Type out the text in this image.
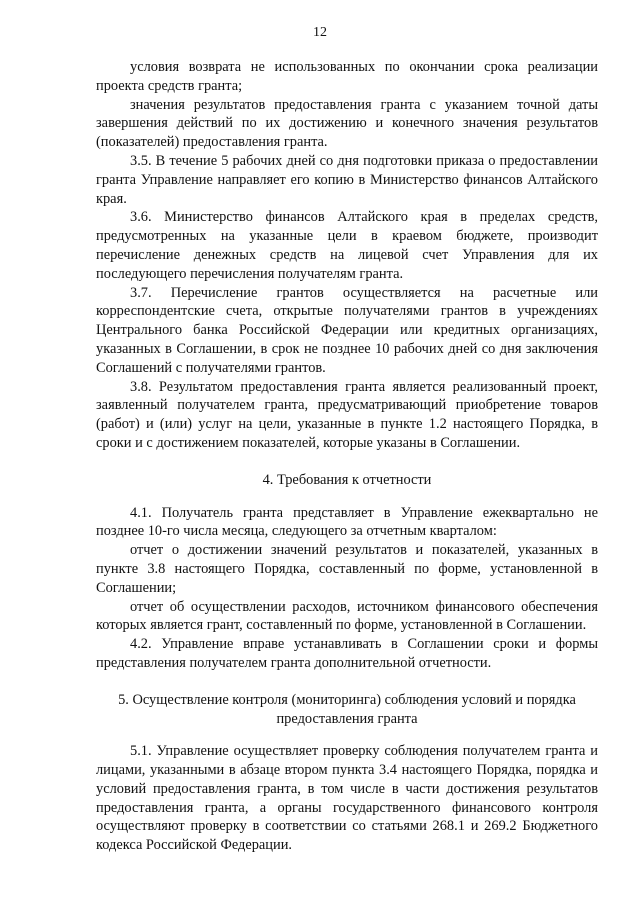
12

условия возврата не использованных по окончании срока реализации проекта средств гранта;

значения результатов предоставления гранта с указанием точной даты завершения действий по их достижению и конечного значения результатов (показателей) предоставления гранта.

3.5. В течение 5 рабочих дней со дня подготовки приказа о предоставлении гранта Управление направляет его копию в Министерство финансов Алтайского края.

3.6. Министерство финансов Алтайского края в пределах средств, предусмотренных на указанные цели в краевом бюджете, производит перечисление денежных средств на лицевой счет Управления для их последующего перечисления получателям гранта.

3.7. Перечисление грантов осуществляется на расчетные или корреспондентские счета, открытые получателями грантов в учреждениях Центрального банка Российской Федерации или кредитных организациях, указанных в Соглашении, в срок не позднее 10 рабочих дней со дня заключения Соглашений с получателями грантов.

3.8. Результатом предоставления гранта является реализованный проект, заявленный получателем гранта, предусматривающий приобретение товаров (работ) и (или) услуг на цели, указанные в пункте 1.2 настоящего Порядка, в сроки и с достижением показателей, которые указаны в Соглашении.

4. Требования к отчетности

4.1. Получатель гранта представляет в Управление ежеквартально не позднее 10-го числа месяца, следующего за отчетным кварталом:

отчет о достижении значений результатов и показателей, указанных в пункте 3.8 настоящего Порядка, составленный по форме, установленной в Соглашении;

отчет об осуществлении расходов, источником финансового обеспечения которых является грант, составленный по форме, установленной в Соглашении.

4.2. Управление вправе устанавливать в Соглашении сроки и формы представления получателем гранта дополнительной отчетности.

5. Осуществление контроля (мониторинга) соблюдения условий и порядка предоставления гранта

5.1. Управление осуществляет проверку соблюдения получателем гранта и лицами, указанными в абзаце втором пункта 3.4 настоящего Порядка, порядка и условий предоставления гранта, в том числе в части достижения результатов предоставления гранта, а органы государственного финансового контроля осуществляют проверку в соответствии со статьями 268.1 и 269.2 Бюджетного кодекса Российской Федерации.
